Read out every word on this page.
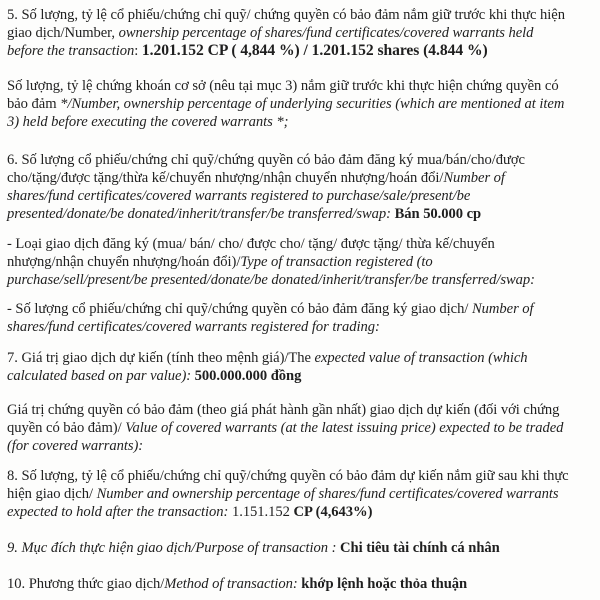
5. Số lượng, tỷ lệ cổ phiếu/chứng chỉ quỹ/ chứng quyền có bảo đảm nắm giữ trước khi thực hiện
giao dịch/Number, ownership percentage of shares/fund certificates/covered warrants held
before the transaction: 1.201.152 CP ( 4,844 %) / 1.201.152 shares (4.844 %)
Số lượng, tỷ lệ chứng khoán cơ sở (nêu tại mục 3) nắm giữ trước khi thực hiện chứng quyền có
bảo đảm */Number, ownership percentage of underlying securities (which are mentioned at item
3) held before executing the covered warrants *;
6. Số lượng cổ phiếu/chứng chỉ quỹ/chứng quyền có bảo đảm đăng ký mua/bán/cho/được
cho/tặng/được tặng/thừa kế/chuyển nhượng/nhận chuyển nhượng/hoán đổi/Number of
shares/fund certificates/covered warrants registered to purchase/sale/present/be
presented/donate/be donated/inherit/transfer/be transferred/swap: Bán 50.000 cp
- Loại giao dịch đăng ký (mua/ bán/ cho/ được cho/ tặng/ được tặng/ thừa kế/chuyển
nhượng/nhận chuyển nhượng/hoán đổi)/Type of transaction registered (to
purchase/sell/present/be presented/donate/be donated/inherit/transfer/be transferred/swap:
- Số lượng cổ phiếu/chứng chỉ quỹ/chứng quyền có bảo đảm đăng ký giao dịch/ Number of
shares/fund certificates/covered warrants registered for trading:
7. Giá trị giao dịch dự kiến (tính theo mệnh giá)/The expected value of transaction (which
calculated based on par value): 500.000.000 đồng
Giá trị chứng quyền có bảo đảm (theo giá phát hành gần nhất) giao dịch dự kiến (đối với chứng
quyền có bảo đảm)/ Value of covered warrants (at the latest issuing price) expected to be traded
(for covered warrants):
8. Số lượng, tỷ lệ cổ phiếu/chứng chỉ quỹ/chứng quyền có bảo đảm dự kiến nắm giữ sau khi thực
hiện giao dịch/ Number and ownership percentage of shares/fund certificates/covered warrants
expected to hold after the transaction: 1.151.152 CP (4,643%)
9. Mục đích thực hiện giao dịch/Purpose of transaction : Chi tiêu tài chính cá nhân
10. Phương thức giao dịch/Method of transaction: khớp lệnh hoặc thỏa thuận
